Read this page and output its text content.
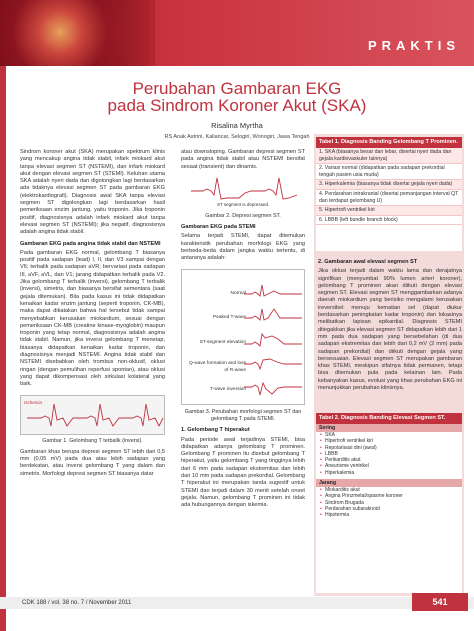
PRAKTIS
Perubahan Gambaran EKG
pada Sindrom Koroner Akut (SKA)
Risalina Myrtha
RS Anak Astrini, Kaliancar, Selogiri, Wonogiri, Jawa Tengah

Sindrom koroner akut (SKA) merupakan spektrum klinis yang mencakup angina tidak stabil, infark miokard akut tanpa elevasi segmen ST (NSTEMI), dan infark miokard akut dengan elevasi segmen ST (STEMI). Keluhan utama SKA adalah nyeri dada dan digolongkan lagi berdasarkan ada tidaknya elevasi segmen ST pada gambaran EKG (elektrokardiografi). Diagnosis awal SKA tanpa elevasi segmen ST digolongkan lagi berdasarkan hasil pemeriksaan enzim jantung, yaitu troponin. Jika troponin positif, diagnosisnya adalah infark miokard akut tanpa elevasi segmen ST (NSTEMI); jika negatif, diagnosisnya adalah angina tidak stabil.

Gambaran EKG pada angina tidak stabil dan NSTEMI

Pada gambaran EKG normal, gelombang T biasanya positif pada sadapan (lead) I, II, dan V3 sampai dengan V6; terbalik pada sadapan aVR; bervariasi pada sadapan III, aVF, aVL, dan V1; jarang didapatkan terbalik pada V2. Jika gelombang T terbalik (inversi), gelombang T terbalik (inversi), simetris, dan biasanya bersifat sementara (saat gejala ditemukan). Bila pada kasus ini tidak didapatkan kenaikan kadar enzim jantung (seperti troponin, CK-MB), maka dapat dikatakan bahwa hal tersebut tidak sampai menyebabkan kerusakan miokardium, sesuai dengan pemeriksaan CK-MB (creatine kinase-myoglobin) maupun troponin yang tetap normal, diagnosisnya adalah angina tidak stabil. Namun, jika inversi gelombang T menetap, biasanya didapatkan kenaikan kadar troponin, dan diagnosisnya menjadi NSTEMI. Angina tidak stabil dan NSTEMI disebabkan oleh trombus non-oklusif, oklusi ringan (dengan pemulihan reperfusi spontan), atau oklusi yang dapat dikompensasi oleh sirkulasi kolateral yang baik.

Ischemia
Gambar 1. Gelombang T terbalik (inversi).

Gambaran khas berupa depresi segmen ST lebih dari 0,5 mm (0,05 mV) pada dua atau lebih sadapan yang berdekatan, atau inversi gelombang T yang dalam dan simetris. Morfologi depresi segmen ST biasanya datar

atau downsloping. Gambaran depresi segmen ST pada angina tidak stabil atau NSTEMI bersifat sesaat (transient) dan dinamis.

ST segment is depressed.
Gambar 2. Depresi segmen ST.
Gambaran EKG pada STEMI

Selama terjadi STEMI, dapat ditemukan karakteristik perubahan morfologi EKG yang berbeda-beda dalam jangka waktu tertentu, di antaranya adalah:

Normal
Peaked T-wave
ST-segment elevation
Q-wave formation and loss of R-wave
T-wave inversion
Gambar 3. Perubahan morfologi segmen ST dan gelombang T pada STEMI.
1. Gelombang T hiperakut

Pada periode awal terjadinya STEMI, bisa didapatkan adanya gelombang T prominen. Gelombang T prominen itu disebut gelombang T hiperakut, yaitu gelombang T yang tingginya lebih dari 6 mm pada sadapan ekstremitas dan lebih dari 10 mm pada sadapan prekordial. Gelombang T hiperakut ini merupakan tanda sugestif untuk STEMI dan terjadi dalam 30 menit setelah onset gejala. Namun, gelombang T prominen ini tidak ada hubungannya dengan iskemia.

Tabel 1. Diagnosis Banding Gelombang T Prominen.
1. SKA (biasanya besar dan lebar, disertai nyeri dada dan gejala kardiovaskuler lainnya)
2. Variasi normal (didapatkan pada sadapan prekordial tengah pasien usia muda)
3. Hiperkalemia (biasanya tidak disertai gejala nyeri dada)
4. Perdarahan intrakranial (disertai pemanjangan interval QT dan terdapat gelombang U)
5. Hipertrofi ventrikel kiri
6. LBBB (left bundle branch block)
2. Gambaran awal elevasi segmen ST

Jika oklusi terjadi dalam waktu lama dan derajatnya signifikan (menyumbat 90% lumen arteri koroner), gelombang T prominen akan diikuti dengan elevasi segmen ST. Elevasi segmen ST menggambarkan adanya daerah miokardium yang berisiko mengalami kerusakan ireversibel menuju kematian sel (dapat diukur berdasarkan peningkatan kadar troponin) dan lokasinya melibatkan lapisan epikardial. Diagnosis STEMI ditegakkan jika elevasi segmen ST didapatkan lebih dari 1 mm pada dua sadapan yang bersebelahan (di dua sadapan ekstremitas dan lebih dari 0,2 mV (2 mm) pada sadapan prekordial) dan diikuti dengan gejala yang bersesuaian. Elevasi segmen ST merupakan gambaran khas STEMI, meskipun sifatnya tidak permanen, tetapi bisa ditemukan pula pada kelainan lain. Pada kebanyakan kasus, evolusi yang khas perubahan EKG ini menunjukkan perubahan klinisnya.

Tabel 2. Diagnosis Banding Elevasi Segmen ST.
Sering
• SKA
• Hipertrofi ventrikel kiri
• Repolarisasi dini (awal)
• LBBB
• Perikarditis akut
• Aneurisme ventrikel
• Hiperkalemia
Jarang
• Miokarditis akut
• Angina Prinzmetal/spasme koroner
• Sindrom Brugada
• Perdarahan subaraknoid
• Hipotermia
CDK 188 / vol. 38 no. 7 / November 2011	541
